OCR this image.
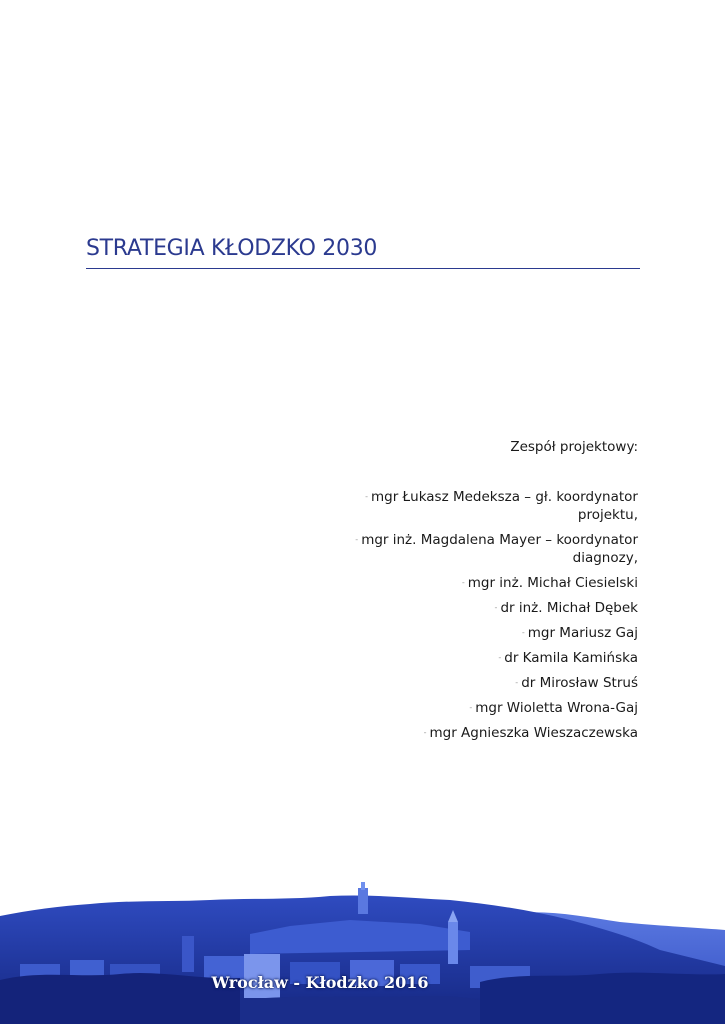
STRATEGIA KŁODZKO 2030
Zespół projektowy:
- mgr Łukasz Medeksza – gł. koordynator
projektu,
- mgr inż. Magdalena Mayer – koordynator
diagnozy,
- mgr inż. Michał Ciesielski
- dr inż. Michał Dębek
- mgr Mariusz Gaj
- dr Kamila Kamińska
- dr Mirosław Struś
- mgr Wioletta Wrona-Gaj
- mgr Agnieszka Wieszaczewska
Wrocław - Kłodzko 2016
